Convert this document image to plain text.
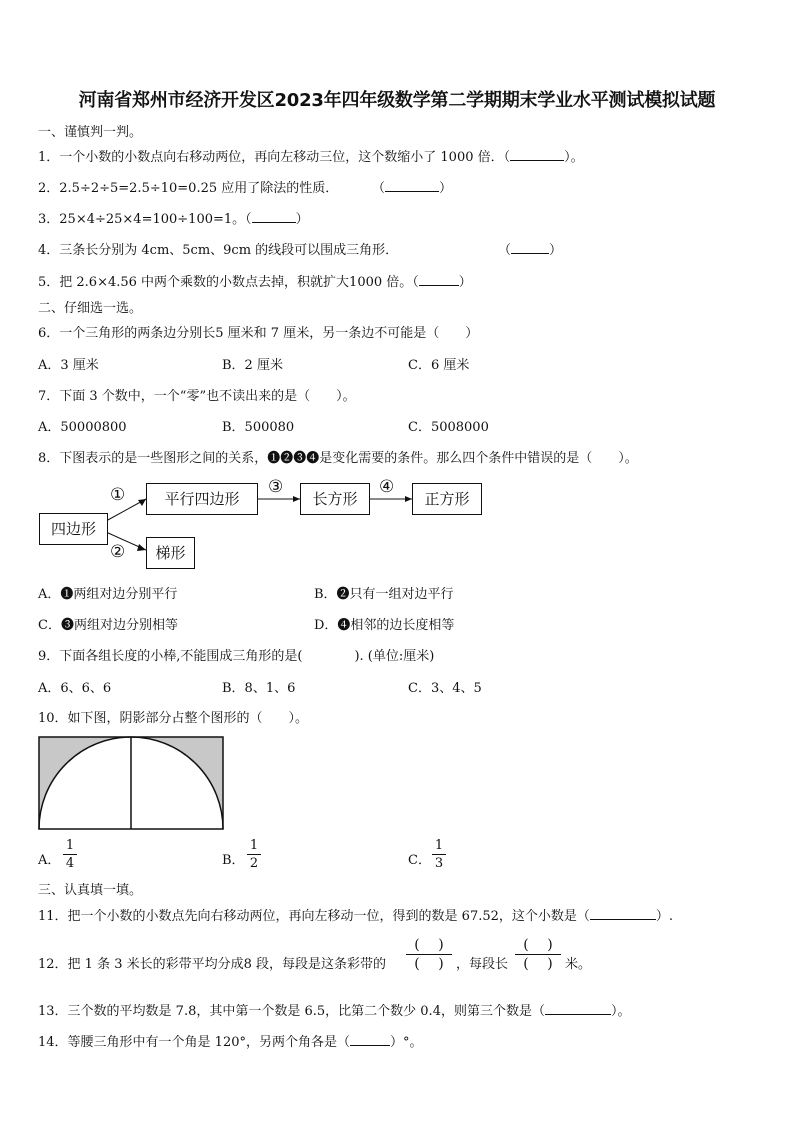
河南省郑州市经济开发区2023年四年级数学第二学期期末学业水平测试模拟试题
一、谨慎判一判。
1．一个小数的小数点向右移动两位，再向左移动三位，这个数缩小了 1000 倍．（	）。
2．2.5÷2÷5=2.5÷10=0.25 应用了除法的性质．	（	）
3．25×4÷25×4=100÷100=1。（	）
4．三条长分别为 4cm、5cm、9cm 的线段可以围成三角形．	（	）
5．把 2.6×4.56 中两个乘数的小数点去掉，积就扩大1000 倍。（	）
二、仔细选一选。
6．一个三角形的两条边分别长5 厘米和 7 厘米，另一条边不可能是（　　）
A．3 厘米	B．2 厘米	C．6 厘米
7．下面 3 个数中，一个“零”也不读出来的是（　　）。
A．50000800	B．500080	C．5008000
8．下图表示的是一些图形之间的关系，❶❷❸❹是变化需要的条件。那么四个条件中错误的是（　　）。
四边形
平行四边形	长方形	正方形
梯形
①
②
③	④
A．❶两组对边分别平行	B．❷只有一组对边平行
C．❸两组对边分别相等	D．❹相邻的边长度相等
9．下面各组长度的小棒,不能围成三角形的是(　　　　). (单位:厘米)
A．6、6、6	B．8、1、6	C．3、4、5
10．如下图，阴影部分占整个图形的（　　）。
A．
1
4	B．
1
2	C．
1
3
三、认真填一填。
11．把一个小数的小数点先向右移动两位，再向左移动一位，得到的数是 67.52，这个小数是（	）.
12．把 1 条 3 米长的彩带平均分成8 段，每段是这条彩带的
(　 )
(　 ) ，每段长
(　 )
(　 ) 米。
13．三个数的平均数是 7.8，其中第一个数是 6.5，比第二个数少 0.4，则第三个数是（	）。
14．等腰三角形中有一个角是 120°，另两个角各是（	）°。
